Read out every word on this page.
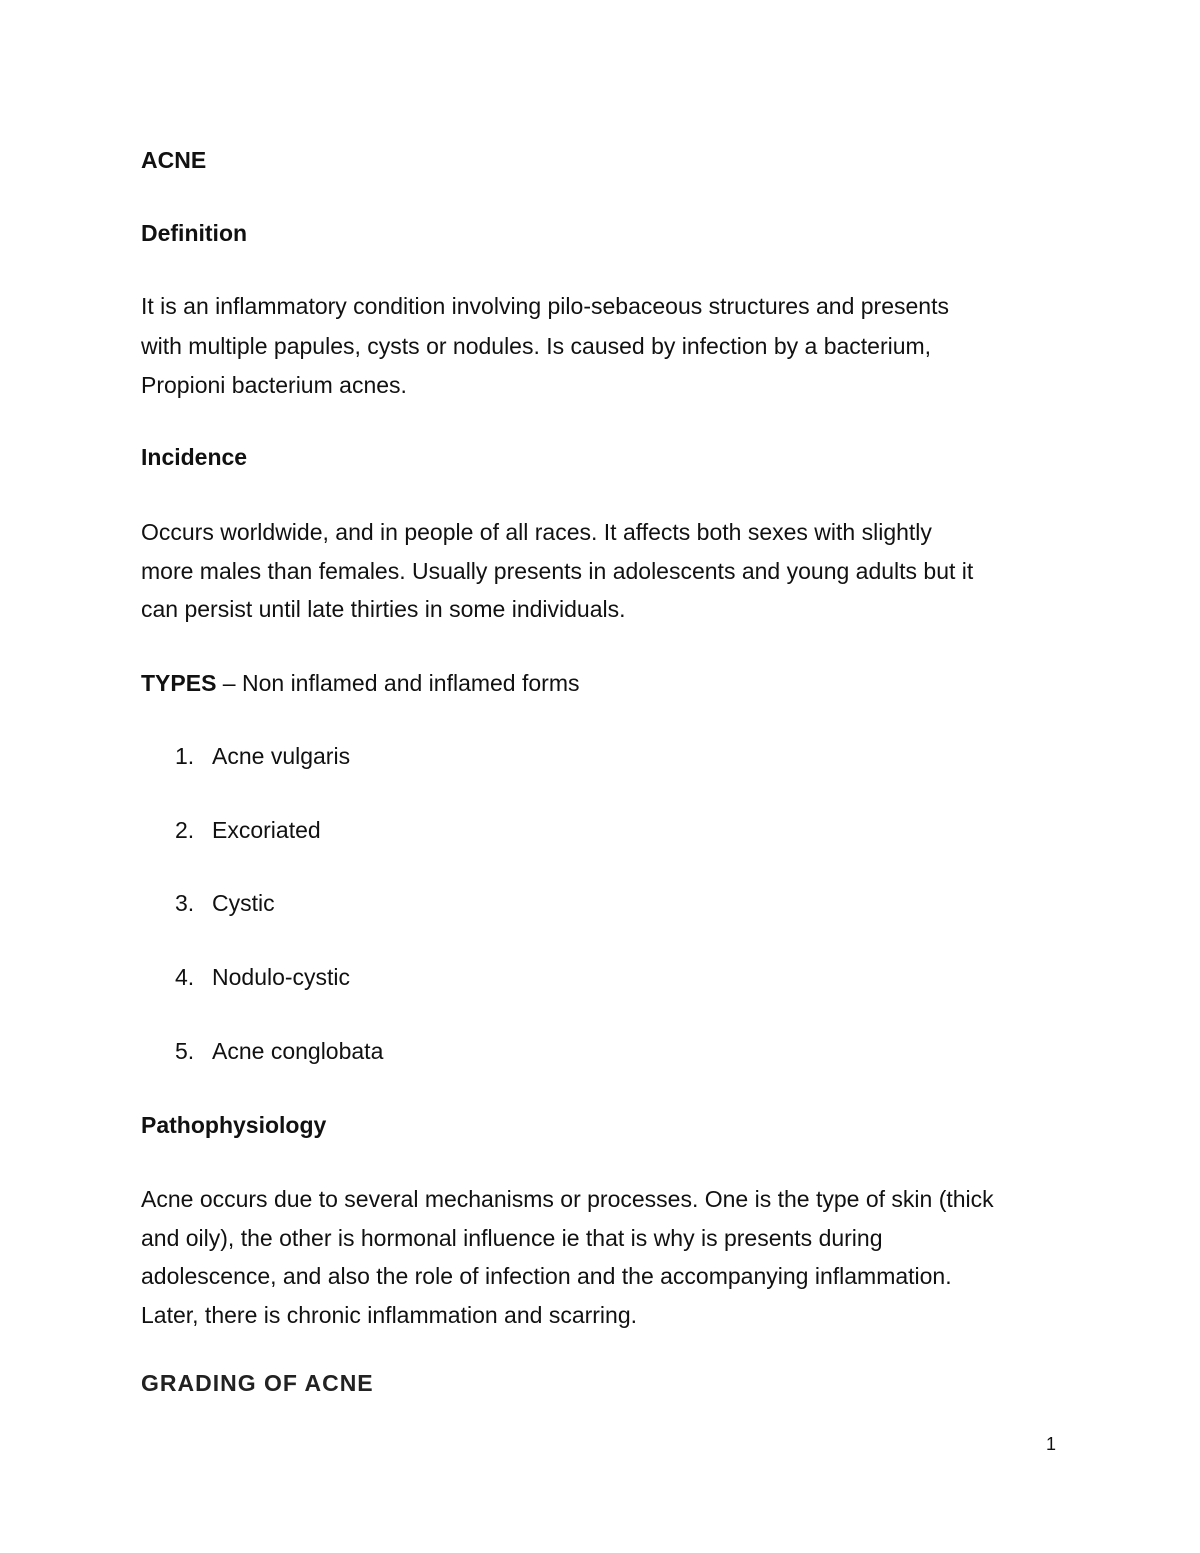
ACNE
Definition
It is an inflammatory condition involving pilo-sebaceous structures and presents
with multiple papules, cysts or nodules. Is caused by infection by a bacterium,
Propioni bacterium acnes.
Incidence
Occurs worldwide, and in people of all races. It affects both sexes with slightly
more males than females. Usually presents in adolescents and young adults but it
can persist until late thirties in some individuals.
TYPES – Non inflamed and inflamed forms
1. Acne vulgaris
2. Excoriated
3. Cystic
4. Nodulo-cystic
5. Acne conglobata
Pathophysiology
Acne occurs due to several mechanisms or processes. One is the type of skin (thick
and oily), the other is hormonal influence ie that is why is presents during
adolescence, and also the role of infection and the accompanying inflammation.
Later, there is chronic inflammation and scarring.
GRADING OF ACNE
1
